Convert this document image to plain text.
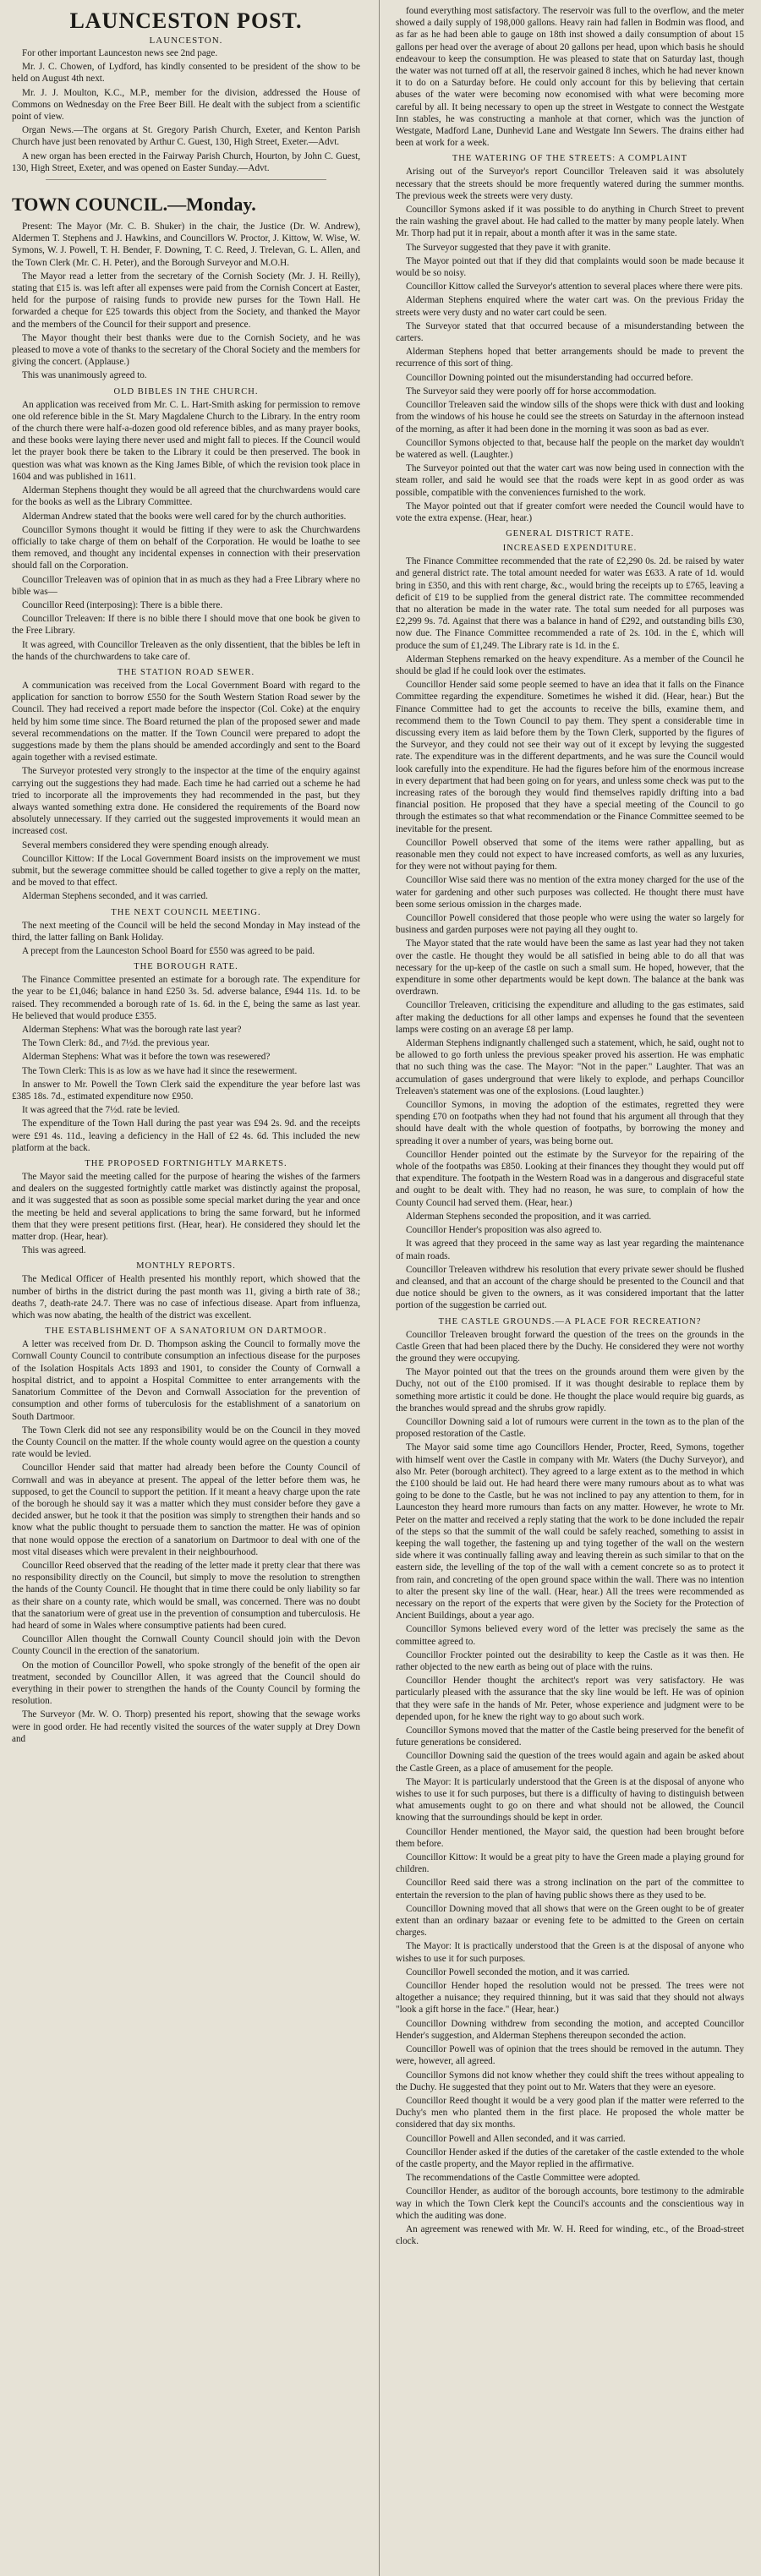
LAUNCESTON POST.
LAUNCESTON.

For other important Launceston news see 2nd page.

Mr. J. C. Chowen, of Lydford, has kindly consented to be president of the show to be held on August 4th next.

Mr. J. J. Moulton, K.C., M.P., member for the division, addressed the House of Commons on Wednesday on the Free Beer Bill. He dealt with the subject from a scientific point of view.

Organ News.—The organs at St. Gregory Parish Church, Exeter, and Kenton Parish Church have just been renovated by Arthur C. Guest, 130, High Street, Exeter.—Advt.

A new organ has been erected in the Fairway Parish Church, Hourton, by John C. Guest, 130, High Street, Exeter, and was opened on Easter Sunday.—Advt.

TOWN COUNCIL.—Monday.

Present: The Mayor (Mr. C. B. Shuker) in the chair, the Justice (Dr. W. Andrew), Aldermen T. Stephens and J. Hawkins, and Councillors W. Proctor, J. Kittow, W. Wise, W. Symons, W. J. Powell, T. H. Bender, F. Downing, T. C. Reed, J. Trelevan, G. L. Allen, and the Town Clerk (Mr. C. H. Peter), and the Borough Surveyor and M.O.H.

The Mayor read a letter from the secretary of the Cornish Society (Mr. J. H. Reilly), stating that £15 is. was left after all expenses were paid from the Cornish Concert at Easter, held for the purpose of raising funds to provide new purses for the Town Hall. He forwarded a cheque for £25 towards this object from the Society, and thanked the Mayor and the members of the Council for their support and presence.

The Mayor thought their best thanks were due to the Cornish Society, and he was pleased to move a vote of thanks to the secretary of the Choral Society and the members for giving the concert. (Applause.)

This was unanimously agreed to.

OLD BIBLES IN THE CHURCH.

An application was received from Mr. C. L. Hart-Smith asking for permission to remove one old reference bible in the St. Mary Magdalene Church to the Library. In the entry room of the church there were half-a-dozen good old reference bibles, and as many prayer books, and these books were laying there never used and might fall to pieces. If the Council would let the prayer book there be taken to the Library it could be then preserved. The book in question was what was known as the King James Bible, of which the revision took place in 1604 and was published in 1611.

Alderman Stephens thought they would be all agreed that the churchwardens would care for the books as well as the Library Committee.

Alderman Andrew stated that the books were well cared for by the church authorities.

Councillor Symons thought it would be fitting if they were to ask the Churchwardens officially to take charge of them on behalf of the Corporation. He would be loathe to see them removed, and thought any incidental expenses in connection with their preservation should fall on the Corporation.

Councillor Treleaven was of opinion that in as much as they had a Free Library where no bible was—

Councillor Reed (interposing): There is a bible there.

Councillor Treleaven: If there is no bible there I should move that one book be given to the Free Library.

It was agreed, with Councillor Treleaven as the only dissentient, that the bibles be left in the hands of the churchwardens to take care of.

THE STATION ROAD SEWER.

A communication was received from the Local Government Board with regard to the application for sanction to borrow £550 for the South Western Station Road sewer by the Council. They had received a report made before the inspector (Col. Coke) at the enquiry held by him some time since. The Board returned the plan of the proposed sewer and made several recommendations on the matter. If the Town Council were prepared to adopt the suggestions made by them the plans should be amended accordingly and sent to the Board again together with a revised estimate.

The Surveyor protested very strongly to the inspector at the time of the enquiry against carrying out the suggestions they had made. Each time he had carried out a scheme he had tried to incorporate all the improvements they had recommended in the past, but they always wanted something extra done. He considered the requirements of the Board now absolutely unnecessary. If they carried out the suggested improvements it would mean an increased cost.

Several members considered they were spending enough already.

Councillor Kittow: If the Local Government Board insists on the improvement we must submit, but the sewerage committee should be called together to give a reply on the matter, and be moved to that effect.

Alderman Stephens seconded, and it was carried.

THE NEXT COUNCIL MEETING.

The next meeting of the Council will be held the second Monday in May instead of the third, the latter falling on Bank Holiday.

A precept from the Launceston School Board for £550 was agreed to be paid.

THE BOROUGH RATE.

The Finance Committee presented an estimate for a borough rate. The expenditure for the year to be £1,046; balance in hand £250 3s. 5d. adverse balance, £944 11s. 1d. to be raised. They recommended a borough rate of 1s. 6d. in the £, being the same as last year. He believed that would produce £355.

Alderman Stephens: What was the borough rate last year?

The Town Clerk: 8d., and 7½d. the previous year.

Alderman Stephens: What was it before the town was resewered?

The Town Clerk: This is as low as we have had it since the resewerment.

In answer to Mr. Powell the Town Clerk said the expenditure the year before last was £385 18s. 7d., estimated expenditure now £950.

It was agreed that the 7½d. rate be levied.

The expenditure of the Town Hall during the past year was £94 2s. 9d. and the receipts were £91 4s. 11d., leaving a deficiency in the Hall of £2 4s. 6d. This included the new platform at the back.

THE PROPOSED FORTNIGHTLY MARKETS.

The Mayor said the meeting called for the purpose of hearing the wishes of the farmers and dealers on the suggested fortnightly cattle market was distinctly against the proposal, and it was suggested that as soon as possible some special market during the year and once the meeting be held and several applications to bring the same forward, but he informed them that they were present petitions first. (Hear, hear). He considered they should let the matter drop. (Hear, hear).

This was agreed.

MONTHLY REPORTS.

The Medical Officer of Health presented his monthly report, which showed that the number of births in the district during the past month was 11, giving a birth rate of 38.; deaths 7, death-rate 24.7. There was no case of infectious disease. Apart from influenza, which was now abating, the health of the district was excellent.

THE ESTABLISHMENT OF A SANATORIUM ON DARTMOOR.

A letter was received from Dr. D. Thompson asking the Council to formally move the Cornwall County Council to contribute consumption an infectious disease for the purposes of the Isolation Hospitals Acts 1893 and 1901, to consider the County of Cornwall a hospital district, and to appoint a Hospital Committee to enter arrangements with the Sanatorium Committee of the Devon and Cornwall Association for the prevention of consumption and other forms of tuberculosis for the establishment of a sanatorium on South Dartmoor.

The Town Clerk did not see any responsibility would be on the Council in they moved the County Council on the matter. If the whole county would agree on the question a county rate would be levied.

Councillor Hender said that matter had already been before the County Council of Cornwall and was in abeyance at present. The appeal of the letter before them was, he supposed, to get the Council to support the petition. If it meant a heavy charge upon the rate of the borough he should say it was a matter which they must consider before they gave a decided answer, but he took it that the position was simply to strengthen their hands and so know what the public thought to persuade them to sanction the matter. He was of opinion that none would oppose the erection of a sanatorium on Dartmoor to deal with one of the most vital diseases which were prevalent in their neighbourhood.

Councillor Reed observed that the reading of the letter made it pretty clear that there was no responsibility directly on the Council, but simply to move the resolution to strengthen the hands of the County Council. He thought that in time there could be only liability so far as their share on a county rate, which would be small, was concerned. There was no doubt that the sanatorium were of great use in the prevention of consumption and tuberculosis. He had heard of some in Wales where consumptive patients had been cured.

Councillor Allen thought the Cornwall County Council should join with the Devon County Council in the erection of the sanatorium.

On the motion of Councillor Powell, who spoke strongly of the benefit of the open air treatment, seconded by Councillor Allen, it was agreed that the Council should do everything in their power to strengthen the hands of the County Council by forming the resolution.

The Surveyor (Mr. W. O. Thorp) presented his report, showing that the sewage works were in good order. He had recently visited the sources of the water supply at Drey Down and

found everything most satisfactory. The reservoir was full to the overflow, and the meter showed a daily supply of 198,000 gallons. Heavy rain had fallen in Bodmin was flood, and as far as he had been able to gauge on 18th inst showed a daily consumption of about 15 gallons per head over the average of about 20 gallons per head, upon which basis he should endeavour to keep the consumption. He was pleased to state that on Saturday last, though the water was not turned off at all, the reservoir gained 8 inches, which he had never known it to do on a Saturday before. He could only account for this by believing that certain abuses of the water were becoming now economised with what were becoming more careful by all. It being necessary to open up the street in Westgate to connect the Westgate Inn stables, he was constructing a manhole at that corner, which was the junction of Westgate, Madford Lane, Dunhevid Lane and Westgate Inn Sewers. The drains either had been at work for a week.

THE WATERING OF THE STREETS: A COMPLAINT

Arising out of the Surveyor's report Councillor Treleaven said it was absolutely necessary that the streets should be more frequently watered during the summer months. The previous week the streets were very dusty.

Councillor Symons asked if it was possible to do anything in Church Street to prevent the rain washing the gravel about. He had called to the matter by many people lately. When Mr. Thorp had put it in repair, about a month after it was in the same state.

The Surveyor suggested that they pave it with granite.

The Mayor pointed out that if they did that complaints would soon be made because it would be so noisy.

Councillor Kittow called the Surveyor's attention to several places where there were pits.

Alderman Stephens enquired where the water cart was. On the previous Friday the streets were very dusty and no water cart could be seen.

The Surveyor stated that that occurred because of a misunderstanding between the carters.

Alderman Stephens hoped that better arrangements should be made to prevent the recurrence of this sort of thing.

Councillor Downing pointed out the misunderstanding had occurred before.

The Surveyor said they were poorly off for horse accommodation.

Councillor Treleaven said the window sills of the shops were thick with dust and looking from the windows of his house he could see the streets on Saturday in the afternoon instead of the morning, as after it had been done in the morning it was soon as bad as ever.

Councillor Symons objected to that, because half the people on the market day wouldn't be watered as well. (Laughter.)

The Surveyor pointed out that the water cart was now being used in connection with the steam roller, and said he would see that the roads were kept in as good order as was possible, compatible with the conveniences furnished to the work.

The Mayor pointed out that if greater comfort were needed the Council would have to vote the extra expense. (Hear, hear.)

GENERAL DISTRICT RATE.
INCREASED EXPENDITURE.

The Finance Committee recommended that the rate of £2,290 0s. 2d. be raised by water and general district rate. The total amount needed for water was £633. A rate of 1d. would bring in £350, and this with rent charge, &c., would bring the receipts up to £765, leaving a deficit of £19 to be supplied from the general district rate. The committee recommended that no alteration be made in the water rate. The total sum needed for all purposes was £2,299 9s. 7d. Against that there was a balance in hand of £292, and outstanding bills £30, now due. The Finance Committee recommended a rate of 2s. 10d. in the £, which will produce the sum of £1,249. The Library rate is 1d. in the £.

Alderman Stephens remarked on the heavy expenditure. As a member of the Council he should be glad if he could look over the estimates.

Councillor Hender said some people seemed to have an idea that it falls on the Finance Committee regarding the expenditure. Sometimes he wished it did. (Hear, hear.) But the Finance Committee had to get the accounts to receive the bills, examine them, and recommend them to the Town Council to pay them. They spent a considerable time in discussing every item as laid before them by the Town Clerk, supported by the figures of the Surveyor, and they could not see their way out of it except by levying the suggested rate. The expenditure was in the different departments, and he was sure the Council would look carefully into the expenditure. He had the figures before him of the enormous increase in every department that had been going on for years, and unless some check was put to the increasing rates of the borough they would find themselves rapidly drifting into a bad financial position. He proposed that they have a special meeting of the Council to go through the estimates so that what recommendation or the Finance Committee seemed to be inevitable for the present.

Councillor Powell observed that some of the items were rather appalling, but as reasonable men they could not expect to have increased comforts, as well as any luxuries, for they were not without paying for them.

Councillor Wise said there was no mention of the extra money charged for the use of the water for gardening and other such purposes was collected. He thought there must have been some serious omission in the charges made.

Councillor Powell considered that those people who were using the water so largely for business and garden purposes were not paying all they ought to.

The Mayor stated that the rate would have been the same as last year had they not taken over the castle. He thought they would be all satisfied in being able to do all that was necessary for the up-keep of the castle on such a small sum. He hoped, however, that the expenditure in some other departments would be kept down. The balance at the bank was overdrawn.

Councillor Treleaven, criticising the expenditure and alluding to the gas estimates, said after making the deductions for all other lamps and expenses he found that the seventeen lamps were costing on an average £8 per lamp.

Alderman Stephens indignantly challenged such a statement, which, he said, ought not to be allowed to go forth unless the previous speaker proved his assertion. He was emphatic that no such thing was the case. The Mayor: "Not in the paper." Laughter. That was an accumulation of gases underground that were likely to explode, and perhaps Councillor Treleaven's statement was one of the explosions. (Loud laughter.)

Councillor Symons, in moving the adoption of the estimates, regretted they were spending £70 on footpaths when they had not found that his argument all through that they should have dealt with the whole question of footpaths, by borrowing the money and spreading it over a number of years, was being borne out.

Councillor Hender pointed out the estimate by the Surveyor for the repairing of the whole of the footpaths was £850. Looking at their finances they thought they would put off that expenditure. The footpath in the Western Road was in a dangerous and disgraceful state and ought to be dealt with. They had no reason, he was sure, to complain of how the County Council had served them. (Hear, hear.)

Alderman Stephens seconded the proposition, and it was carried.

Councillor Hender's proposition was also agreed to.

It was agreed that they proceed in the same way as last year regarding the maintenance of main roads.

Councillor Treleaven withdrew his resolution that every private sewer should be flushed and cleansed, and that an account of the charge should be presented to the Council and that due notice should be given to the owners, as it was considered important that the latter portion of the suggestion be carried out.

THE CASTLE GROUNDS.—A PLACE FOR RECREATION?

Councillor Treleaven brought forward the question of the trees on the grounds in the Castle Green that had been placed there by the Duchy. He considered they were not worthy the ground they were occupying.

The Mayor pointed out that the trees on the grounds around them were given by the Duchy, not out of the £100 promised. If it was thought desirable to replace them by something more artistic it could be done. He thought the place would require big guards, as the branches would spread and the shrubs grow rapidly.

Councillor Downing said a lot of rumours were current in the town as to the plan of the proposed restoration of the Castle.

The Mayor said some time ago Councillors Hender, Procter, Reed, Symons, together with himself went over the Castle in company with Mr. Waters (the Duchy Surveyor), and also Mr. Peter (borough architect). They agreed to a large extent as to the method in which the £100 should be laid out. He had heard there were many rumours about as to what was going to be done to the Castle, but he was not inclined to pay any attention to them, for in Launceston they heard more rumours than facts on any matter. However, he wrote to Mr. Peter on the matter and received a reply stating that the work to be done included the repair of the steps so that the summit of the wall could be safely reached, something to assist in keeping the wall together, the fastening up and tying together of the wall on the western side where it was continually falling away and leaving therein as such similar to that on the eastern side, the levelling of the top of the wall with a cement concrete so as to protect it from rain, and concreting of the open ground space within the wall. There was no intention to alter the present sky line of the wall. (Hear, hear.) All the trees were recommended as necessary on the report of the experts that were given by the Society for the Protection of Ancient Buildings, about a year ago.

Councillor Symons believed every word of the letter was precisely the same as the committee agreed to.

Councillor Frockter pointed out the desirability to keep the Castle as it was then. He rather objected to the new earth as being out of place with the ruins.

Councillor Hender thought the architect's report was very satisfactory. He was particularly pleased with the assurance that the sky line would be left. He was of opinion that they were safe in the hands of Mr. Peter, whose experience and judgment were to be depended upon, for he knew the right way to go about such work.

Councillor Symons moved that the matter of the Castle being preserved for the benefit of future generations be considered.

Councillor Downing said the question of the trees would again and again be asked about the Castle Green, as a place of amusement for the people.

The Mayor: It is particularly understood that the Green is at the disposal of anyone who wishes to use it for such purposes, but there is a difficulty of having to distinguish between what amusements ought to go on there and what should not be allowed, the Council knowing that the surroundings should be kept in order.

Councillor Hender mentioned, the Mayor said, the question had been brought before them before.

Councillor Kittow: It would be a great pity to have the Green made a playing ground for children.

Councillor Reed said there was a strong inclination on the part of the committee to entertain the reversion to the plan of having public shows there as they used to be.

Councillor Downing moved that all shows that were on the Green ought to be of greater extent than an ordinary bazaar or evening fete to be admitted to the Green on certain charges.

The Mayor: It is practically understood that the Green is at the disposal of anyone who wishes to use it for such purposes.

Councillor Powell seconded the motion, and it was carried.

Councillor Hender hoped the resolution would not be pressed. The trees were not altogether a nuisance; they required thinning, but it was said that they should not always "look a gift horse in the face." (Hear, hear.)

Councillor Downing withdrew from seconding the motion, and accepted Councillor Hender's suggestion, and Alderman Stephens thereupon seconded the action.

Councillor Powell was of opinion that the trees should be removed in the autumn. They were, however, all agreed.

Councillor Symons did not know whether they could shift the trees without appealing to the Duchy. He suggested that they point out to Mr. Waters that they were an eyesore.

Councillor Reed thought it would be a very good plan if the matter were referred to the Duchy's men who planted them in the first place. He proposed the whole matter be considered that day six months.

Councillor Powell and Allen seconded, and it was carried.

Councillor Hender asked if the duties of the caretaker of the castle extended to the whole of the castle property, and the Mayor replied in the affirmative.

The recommendations of the Castle Committee were adopted.

Councillor Hender, as auditor of the borough accounts, bore testimony to the admirable way in which the Town Clerk kept the Council's accounts and the conscientious way in which the auditing was done.

An agreement was renewed with Mr. W. H. Reed for winding, etc., of the Broad-street clock.
